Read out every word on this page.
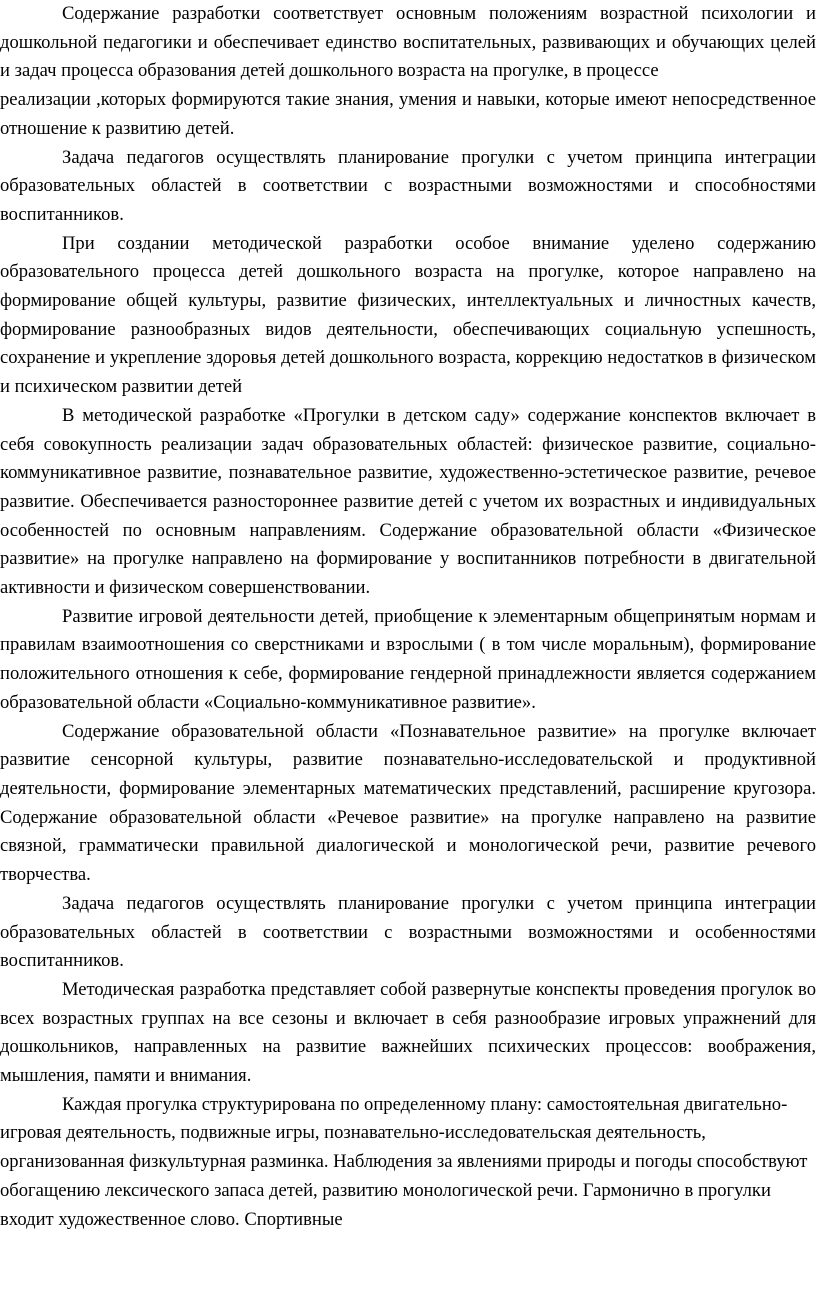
Содержание разработки соответствует основным положениям возрастной психологии и дошкольной педагогики и обеспечивает единство воспитательных, развивающих и обучающих целей и задач процесса образования детей дошкольного возраста на прогулке, в процессе

реализации ,которых формируются такие знания, умения и навыки, которые имеют непосредственное отношение к развитию детей.

Задача педагогов осуществлять планирование прогулки с учетом принципа интеграции образовательных областей в соответствии с возрастными возможностями и способностями воспитанников.

При создании методической разработки особое внимание уделено содержанию образовательного процесса детей дошкольного возраста на прогулке, которое направлено на формирование общей культуры, развитие физических, интеллектуальных и личностных качеств, формирование разнообразных видов деятельности, обеспечивающих социальную успешность, сохранение и укрепление здоровья детей дошкольного возраста, коррекцию недостатков в физическом и психическом развитии детей

В методической разработке «Прогулки в детском саду» содержание конспектов включает в себя совокупность реализации задач образовательных областей: физическое развитие, социально-коммуникативное развитие, познавательное развитие, художественно-эстетическое развитие, речевое развитие. Обеспечивается разностороннее развитие детей с учетом их возрастных и индивидуальных особенностей по основным направлениям. Содержание образовательной области «Физическое развитие» на прогулке направлено на формирование у воспитанников потребности в двигательной активности и физическом совершенствовании.

Развитие игровой деятельности детей, приобщение к элементарным общепринятым нормам и правилам взаимоотношения со сверстниками и взрослыми ( в том числе моральным), формирование положительного отношения к себе, формирование гендерной принадлежности является содержанием образовательной области «Социально-коммуникативное развитие».

Содержание образовательной области «Познавательное развитие» на прогулке включает развитие сенсорной культуры, развитие познавательно-исследовательской и продуктивной деятельности, формирование элементарных математических представлений, расширение кругозора. Содержание образовательной области «Речевое развитие» на прогулке направлено на развитие связной, грамматически правильной диалогической и монологической речи, развитие речевого творчества.

Задача педагогов осуществлять планирование прогулки с учетом принципа интеграции образовательных областей в соответствии с возрастными возможностями и особенностями воспитанников.

Методическая разработка представляет собой развернутые конспекты проведения прогулок во всех возрастных группах на все сезоны и включает в себя разнообразие игровых упражнений для дошкольников, направленных на развитие важнейших психических процессов: воображения, мышления, памяти и внимания.

Каждая прогулка структурирована по определенному плану: самостоятельная двигательно- игровая деятельность, подвижные игры, познавательно-исследовательская деятельность, организованная физкультурная разминка. Наблюдения за явлениями природы и погоды способствуют обогащению лексического запаса детей, развитию монологической речи. Гармонично в прогулки входит художественное слово. Спортивные
